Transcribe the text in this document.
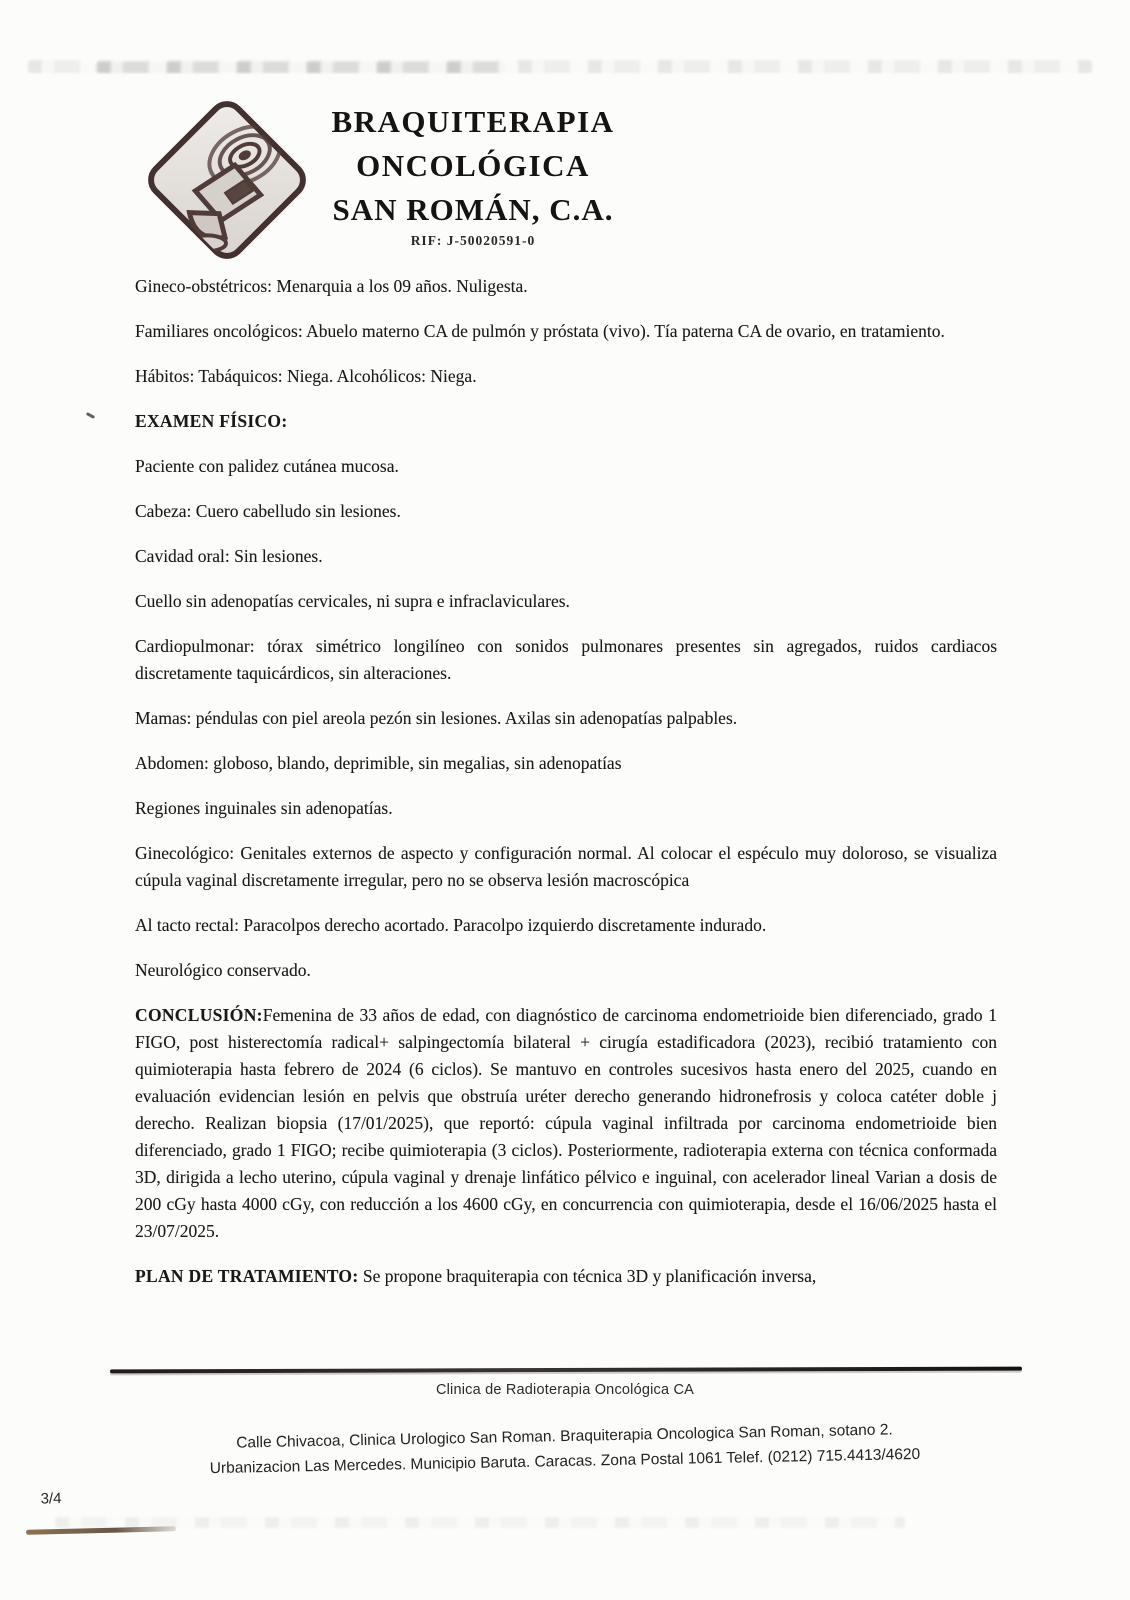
BRAQUITERAPIA
ONCOLÓGICA
SAN ROMÁN, C.A.
RIF: J-50020591-0

Gineco-obstétricos: Menarquia a los 09 años. Nuligesta.

Familiares oncológicos: Abuelo materno CA de pulmón y próstata (vivo). Tía paterna CA de ovario, en tratamiento.

Hábitos: Tabáquicos: Niega. Alcohólicos: Niega.

EXAMEN FÍSICO:

Paciente con palidez cutánea mucosa.

Cabeza: Cuero cabelludo sin lesiones.

Cavidad oral: Sin lesiones.

Cuello sin adenopatías cervicales, ni supra e infraclaviculares.

Cardiopulmonar: tórax simétrico longilíneo con sonidos pulmonares presentes sin agregados, ruidos cardiacos discretamente taquicárdicos, sin alteraciones.

Mamas: péndulas con piel areola pezón sin lesiones. Axilas sin adenopatías palpables.

Abdomen: globoso, blando, deprimible, sin megalias, sin adenopatías

Regiones inguinales sin adenopatías.

Ginecológico: Genitales externos de aspecto y configuración normal. Al colocar el espéculo muy doloroso, se visualiza cúpula vaginal discretamente irregular, pero no se observa lesión macroscópica

Al tacto rectal: Paracolpos derecho acortado. Paracolpo izquierdo discretamente indurado.

Neurológico conservado.

CONCLUSIÓN:Femenina de 33 años de edad, con diagnóstico de carcinoma endometrioide bien diferenciado, grado 1 FIGO, post histerectomía radical+ salpingectomía bilateral + cirugía estadificadora (2023), recibió tratamiento con quimioterapia hasta febrero de 2024 (6 ciclos). Se mantuvo en controles sucesivos hasta enero del 2025, cuando en evaluación evidencian lesión en pelvis que obstruía uréter derecho generando hidronefrosis y coloca catéter doble j derecho. Realizan biopsia (17/01/2025), que reportó: cúpula vaginal infiltrada por carcinoma endometrioide bien diferenciado, grado 1 FIGO; recibe quimioterapia (3 ciclos). Posteriormente, radioterapia externa con técnica conformada 3D, dirigida a lecho uterino, cúpula vaginal y drenaje linfático pélvico e inguinal, con acelerador lineal Varian a dosis de 200 cGy hasta 4000 cGy, con reducción a los 4600 cGy, en concurrencia con quimioterapia, desde el 16/06/2025 hasta el 23/07/2025.

PLAN DE TRATAMIENTO: Se propone braquiterapia con técnica 3D y planificación inversa,

Clinica de Radioterapia Oncológica CA
Calle Chivacoa, Clinica Urologico San Roman. Braquiterapia Oncologica San Roman, sotano 2.
Urbanizacion Las Mercedes. Municipio Baruta. Caracas. Zona Postal 1061 Telef. (0212) 715.4413/4620
3/4
